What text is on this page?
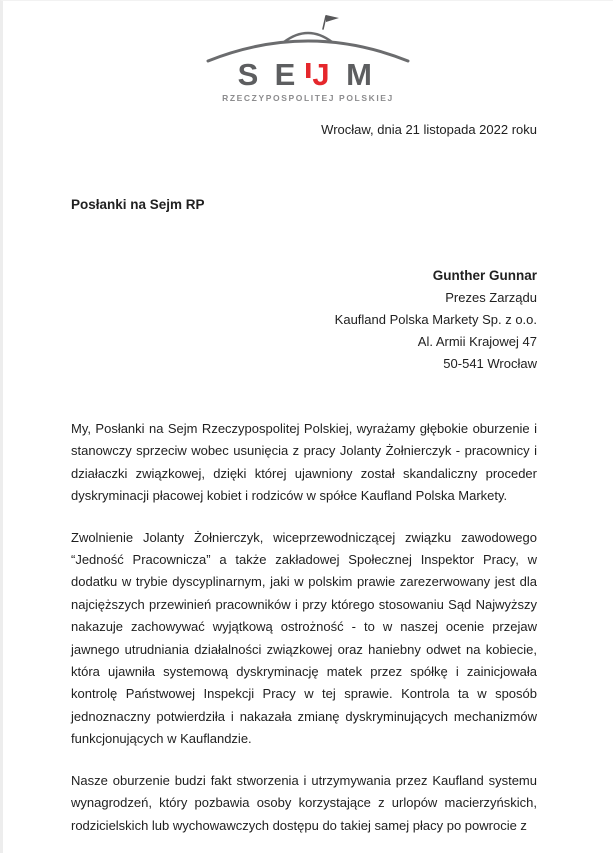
S E J M
RZECZYPOSPOLITEJ POLSKIEJ
Wrocław, dnia 21 listopada 2022 roku
Posłanki na Sejm RP
Gunther Gunnar
Prezes Zarządu
Kaufland Polska Markety Sp. z o.o.
Al. Armii Krajowej 47
50-541 Wrocław

My, Posłanki na Sejm Rzeczypospolitej Polskiej, wyrażamy głębokie oburzenie i stanowczy sprzeciw wobec usunięcia z pracy Jolanty Żołnierczyk - pracownicy i działaczki związkowej, dzięki której ujawniony został skandaliczny proceder dyskryminacji płacowej kobiet i rodziców w spółce Kaufland Polska Markety.

Zwolnienie Jolanty Żołnierczyk, wiceprzewodniczącej związku zawodowego “Jedność Pracownicza” a także zakładowej Społecznej Inspektor Pracy, w dodatku w trybie dyscyplinarnym, jaki w polskim prawie zarezerwowany jest dla najcięższych przewinień pracowników i przy którego stosowaniu Sąd Najwyższy nakazuje zachowywać wyjątkową ostrożność - to w naszej ocenie przejaw jawnego utrudniania działalności związkowej oraz haniebny odwet na kobiecie, która ujawniła systemową dyskryminację matek przez spółkę i zainicjowała kontrolę Państwowej Inspekcji Pracy w tej sprawie. Kontrola ta w sposób jednoznaczny potwierdziła i nakazała zmianę dyskryminujących mechanizmów funkcjonujących w Kauflandzie.

Nasze oburzenie budzi fakt stworzenia i utrzymywania przez Kaufland systemu wynagrodzeń, który pozbawia osoby korzystające z urlopów macierzyńskich, rodzicielskich lub wychowawczych dostępu do takiej samej płacy po powrocie z
